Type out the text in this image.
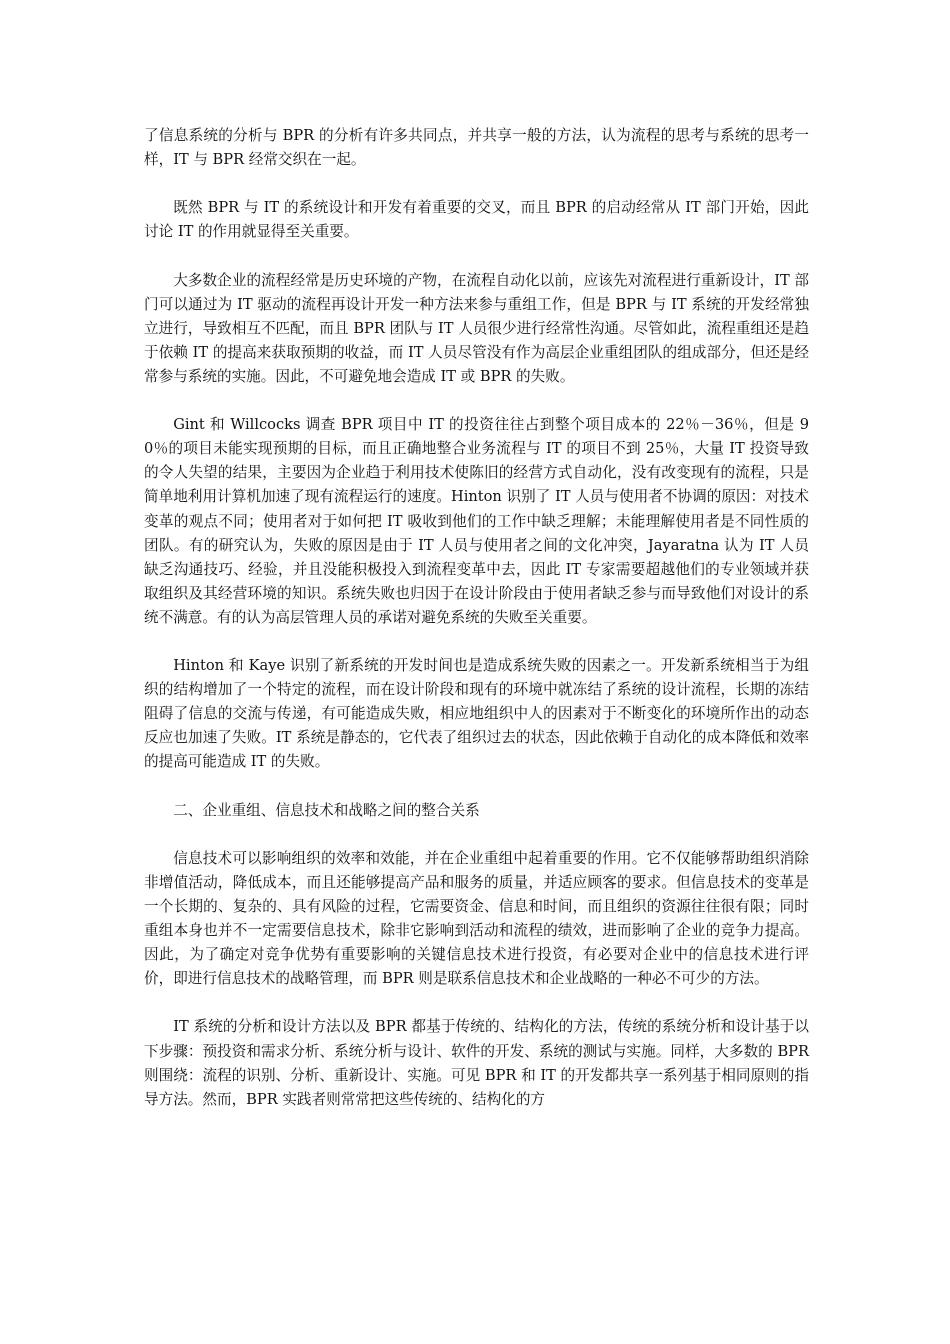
了信息系统的分析与 BPR 的分析有许多共同点，并共享一般的方法，认为流程的思考与系统的思考一样，IT 与 BPR 经常交织在一起。

既然 BPR 与 IT 的系统设计和开发有着重要的交叉，而且 BPR 的启动经常从 IT 部门开始，因此讨论 IT 的作用就显得至关重要。

大多数企业的流程经常是历史环境的产物，在流程自动化以前，应该先对流程进行重新设计，IT 部门可以通过为 IT 驱动的流程再设计开发一种方法来参与重组工作，但是 BPR 与 IT 系统的开发经常独立进行，导致相互不匹配，而且 BPR 团队与 IT 人员很少进行经常性沟通。尽管如此，流程重组还是趋于依赖 IT 的提高来获取预期的收益，而 IT 人员尽管没有作为高层企业重组团队的组成部分，但还是经常参与系统的实施。因此，不可避免地会造成 IT 或 BPR 的失败。

Gint 和 Willcocks 调查 BPR 项目中 IT 的投资往往占到整个项目成本的 22％－36％，但是 90％的项目未能实现预期的目标，而且正确地整合业务流程与 IT 的项目不到 25％，大量 IT 投资导致的令人失望的结果，主要因为企业趋于利用技术使陈旧的经营方式自动化，没有改变现有的流程，只是简单地利用计算机加速了现有流程运行的速度。Hinton 识别了 IT 人员与使用者不协调的原因：对技术变革的观点不同；使用者对于如何把 IT 吸收到他们的工作中缺乏理解；未能理解使用者是不同性质的团队。有的研究认为，失败的原因是由于 IT 人员与使用者之间的文化冲突，Jayaratna 认为 IT 人员缺乏沟通技巧、经验，并且没能积极投入到流程变革中去，因此 IT 专家需要超越他们的专业领域并获取组织及其经营环境的知识。系统失败也归因于在设计阶段由于使用者缺乏参与而导致他们对设计的系统不满意。有的认为高层管理人员的承诺对避免系统的失败至关重要。

Hinton 和 Kaye 识别了新系统的开发时间也是造成系统失败的因素之一。开发新系统相当于为组织的结构增加了一个特定的流程，而在设计阶段和现有的环境中就冻结了系统的设计流程，长期的冻结阻碍了信息的交流与传递，有可能造成失败，相应地组织中人的因素对于不断变化的环境所作出的动态反应也加速了失败。IT 系统是静态的，它代表了组织过去的状态，因此依赖于自动化的成本降低和效率的提高可能造成 IT 的失败。

二、企业重组、信息技术和战略之间的整合关系

信息技术可以影响组织的效率和效能，并在企业重组中起着重要的作用。它不仅能够帮助组织消除非增值活动，降低成本，而且还能够提高产品和服务的质量，并适应顾客的要求。但信息技术的变革是一个长期的、复杂的、具有风险的过程，它需要资金、信息和时间，而且组织的资源往往很有限；同时重组本身也并不一定需要信息技术，除非它影响到活动和流程的绩效，进而影响了企业的竞争力提高。因此，为了确定对竞争优势有重要影响的关键信息技术进行投资，有必要对企业中的信息技术进行评价，即进行信息技术的战略管理，而 BPR 则是联系信息技术和企业战略的一种必不可少的方法。

IT 系统的分析和设计方法以及 BPR 都基于传统的、结构化的方法，传统的系统分析和设计基于以下步骤：预投资和需求分析、系统分析与设计、软件的开发、系统的测试与实施。同样，大多数的 BPR 则围绕：流程的识别、分析、重新设计、实施。可见 BPR 和 IT 的开发都共享一系列基于相同原则的指导方法。然而，BPR 实践者则常常把这些传统的、结构化的方
